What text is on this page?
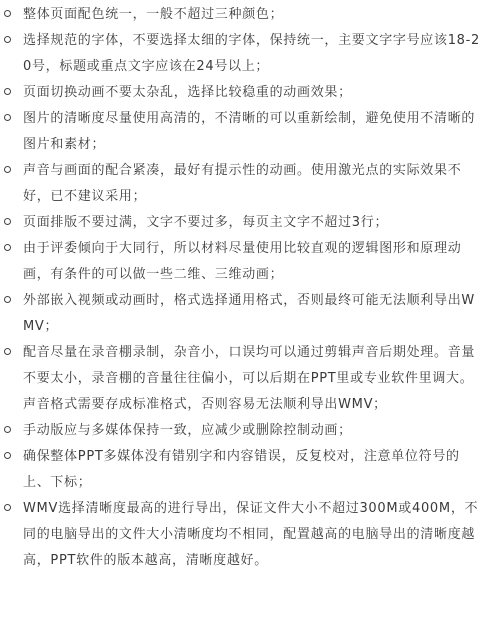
整体页面配色统一，一般不超过三种颜色；
选择规范的字体，不要选择太细的字体，保持统一，主要文字字号应该18-20号，标题或重点文字应该在24号以上；
页面切换动画不要太杂乱，选择比较稳重的动画效果；
图片的清晰度尽量使用高清的，不清晰的可以重新绘制，避免使用不清晰的图片和素材；
声音与画面的配合紧凑，最好有提示性的动画。使用激光点的实际效果不好，已不建议采用；
页面排版不要过满，文字不要过多，每页主文字不超过3行；
由于评委倾向于大同行，所以材料尽量使用比较直观的逻辑图形和原理动画，有条件的可以做一些二维、三维动画；
外部嵌入视频或动画时，格式选择通用格式，否则最终可能无法顺利导出WMV；
配音尽量在录音棚录制，杂音小，口误均可以通过剪辑声音后期处理。音量不要太小，录音棚的音量往往偏小，可以后期在PPT里或专业软件里调大。声音格式需要存成标准格式，否则容易无法顺利导出WMV；
手动版应与多媒体保持一致，应减少或删除控制动画；
确保整体PPT多媒体没有错别字和内容错误，反复校对，注意单位符号的上、下标；
WMV选择清晰度最高的进行导出，保证文件大小不超过300M或400M，不同的电脑导出的文件大小清晰度均不相同，配置越高的电脑导出的清晰度越高，PPT软件的版本越高，清晰度越好。
